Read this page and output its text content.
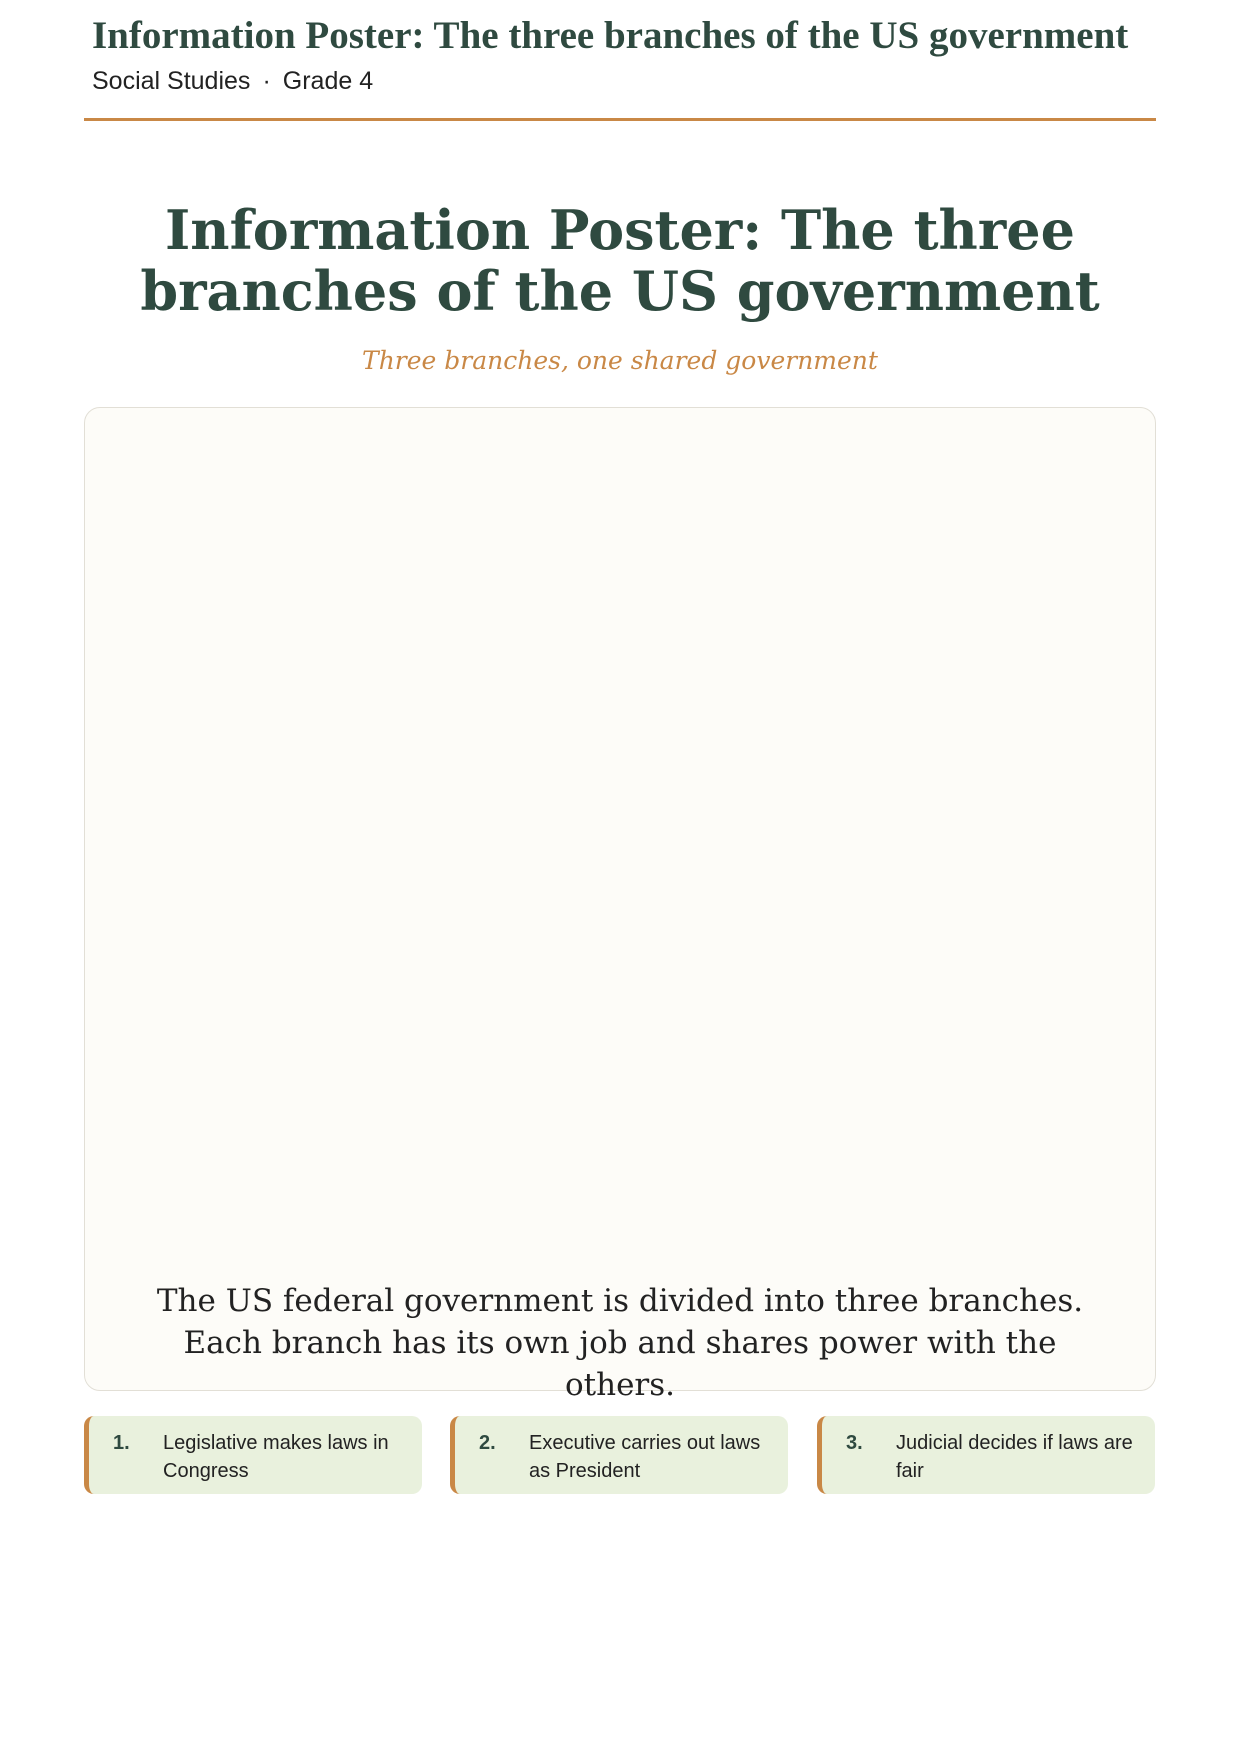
Information Poster: The three branches of the US government
Social Studies · Grade 4
Information Poster: The three branches of the US government
Three branches, one shared government

The US federal government is divided into three branches. Each branch has its own job and shares power with the others.

1. Legislative makes laws in Congress
2. Executive carries out laws as President
3. Judicial decides if laws are fair
